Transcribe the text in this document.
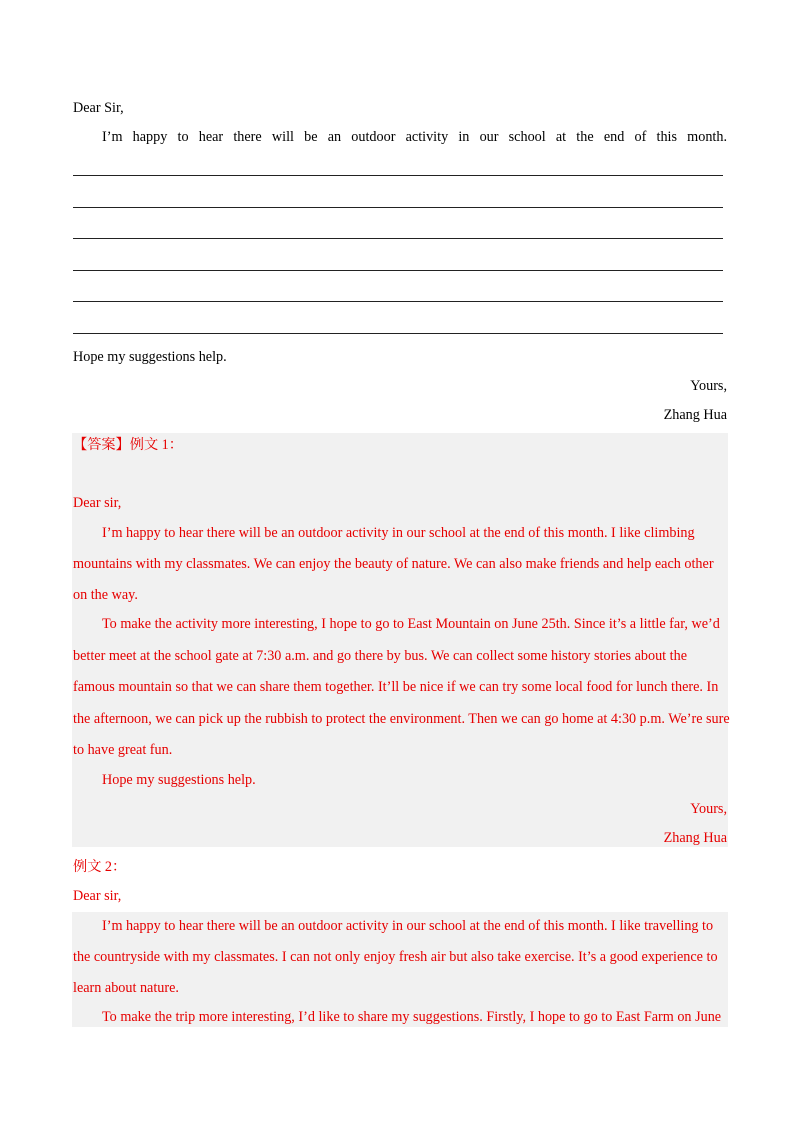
Dear Sir,
I’m happy to hear there will be an outdoor activity in our school at the end of this month.
Hope my suggestions help.
Yours,
Zhang Hua
【答案】例文 1：
Dear sir,
I’m happy to hear there will be an outdoor activity in our school at the end of this month. I like climbing
mountains with my classmates. We can enjoy the beauty of nature. We can also make friends and help each other
on the way.
To make the activity more interesting, I hope to go to East Mountain on June 25th. Since it’s a little far, we’d
better meet at the school gate at 7:30 a.m. and go there by bus. We can collect some history stories about the
famous mountain so that we can share them together. It’ll be nice if we can try some local food for lunch there. In
the afternoon, we can pick up the rubbish to protect the environment. Then we can go home at 4:30 p.m. We’re sure
to have great fun.
Hope my suggestions help.
Yours,
Zhang Hua
例文 2：
Dear sir,
I’m happy to hear there will be an outdoor activity in our school at the end of this month. I like travelling to
the countryside with my classmates. I can not only enjoy fresh air but also take exercise. It’s a good experience to
learn about nature.
To make the trip more interesting, I’d like to share my suggestions. Firstly, I hope to go to East Farm on June
